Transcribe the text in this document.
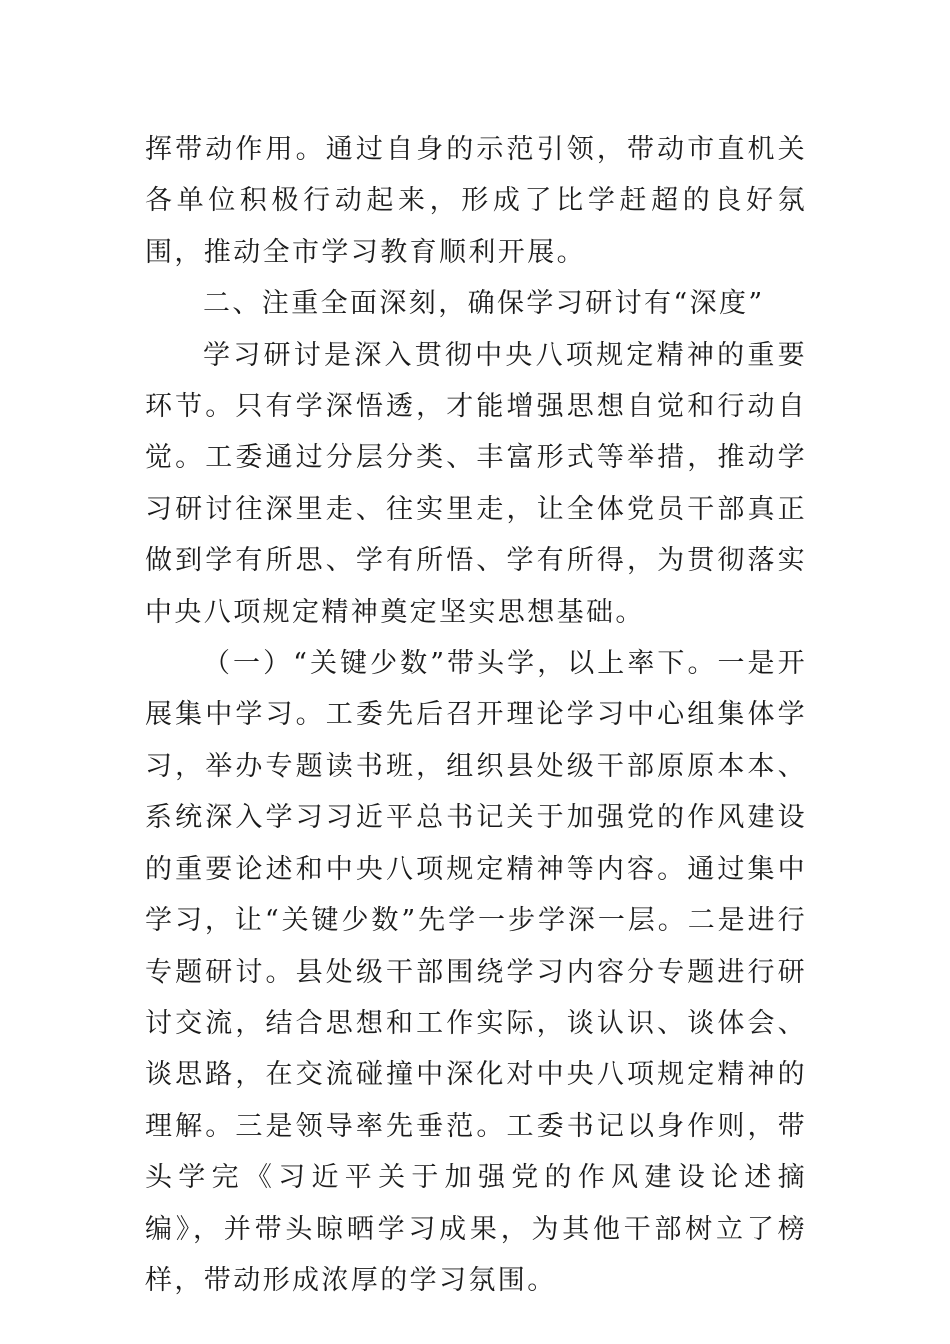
挥带动作用。通过自身的示范引领，带动市直机关各单位积极行动起来，形成了比学赶超的良好氛围，推动全市学习教育顺利开展。

二、注重全面深刻，确保学习研讨有“深度”

学习研讨是深入贯彻中央八项规定精神的重要环节。只有学深悟透，才能增强思想自觉和行动自觉。工委通过分层分类、丰富形式等举措，推动学习研讨往深里走、往实里走，让全体党员干部真正做到学有所思、学有所悟、学有所得，为贯彻落实中央八项规定精神奠定坚实思想基础。

（一）“关键少数”带头学，以上率下。一是开展集中学习。工委先后召开理论学习中心组集体学习，举办专题读书班，组织县处级干部原原本本、系统深入学习习近平总书记关于加强党的作风建设的重要论述和中央八项规定精神等内容。通过集中学习，让“关键少数”先学一步学深一层。二是进行专题研讨。县处级干部围绕学习内容分专题进行研讨交流，结合思想和工作实际，谈认识、谈体会、谈思路，在交流碰撞中深化对中央八项规定精神的理解。三是领导率先垂范。工委书记以身作则，带头学完《习近平关于加强党的作风建设论述摘编》，并带头晾晒学习成果，为其他干部树立了榜样，带动形成浓厚的学习氛围。
